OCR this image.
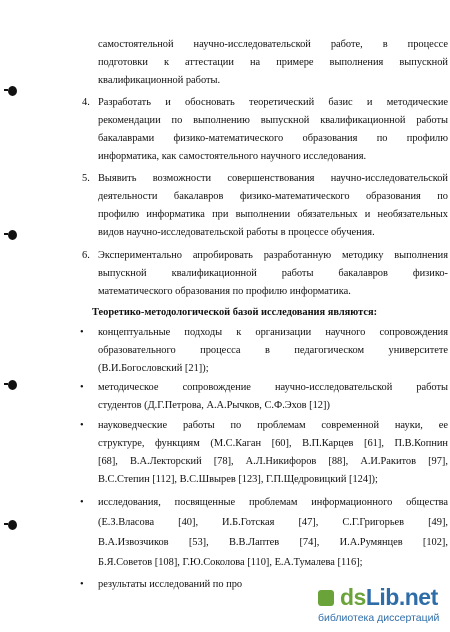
самостоятельной научно-исследовательской работе, в процессе
подготовки к аттестации на примере выполнения выпускной
квалификационной работы.
4. Разработать и обосновать теоретический базис и методические
рекомендации по выполнению выпускной квалификационной работы
бакалаврами физико-математического образования по профилю
информатика, как самостоятельного научного исследования.
5. Выявить возможности совершенствования научно-исследовательской
деятельности бакалавров физико-математического образования по
профилю информатика при выполнении обязательных и необязательных
видов научно-исследовательской работы в процессе обучения.
6. Экспериментально апробировать разработанную методику выполнения
выпускной квалификационной работы бакалавров физико-
математического образования по профилю информатика.
Теоретико-методологической базой исследования являются:
• концептуальные подходы к организации научного сопровождения
образовательного процесса в педагогическом университете
(В.И.Богословский [21]);
• методическое сопровождение научно-исследовательской работы
студентов (Д.Г.Петрова, А.А.Рычков, С.Ф.Эхов [12])
• науковедческие работы по проблемам современной науки, ее
структуре, функциям (М.С.Каган [60], В.П.Карцев [61], П.В.Копнин
[68], В.А.Лекторский [78], А.Л.Никифоров [88], А.И.Ракитов [97],
В.С.Степин [112], В.С.Швырев [123], Г.П.Щедровицкий [124]);
• исследования, посвященные проблемам информационного общества
(Е.З.Власова [40], И.Б.Готская [47], С.Г.Григорьев [49],
В.А.Извозчиков [53], В.В.Лаптев [74], И.А.Румянцев [102],
Б.Я.Советов [108], Г.Ю.Соколова [110], Е.А.Тумалева [116];
• результаты исследований по про	dsLib.net
библиотека диссертаций
